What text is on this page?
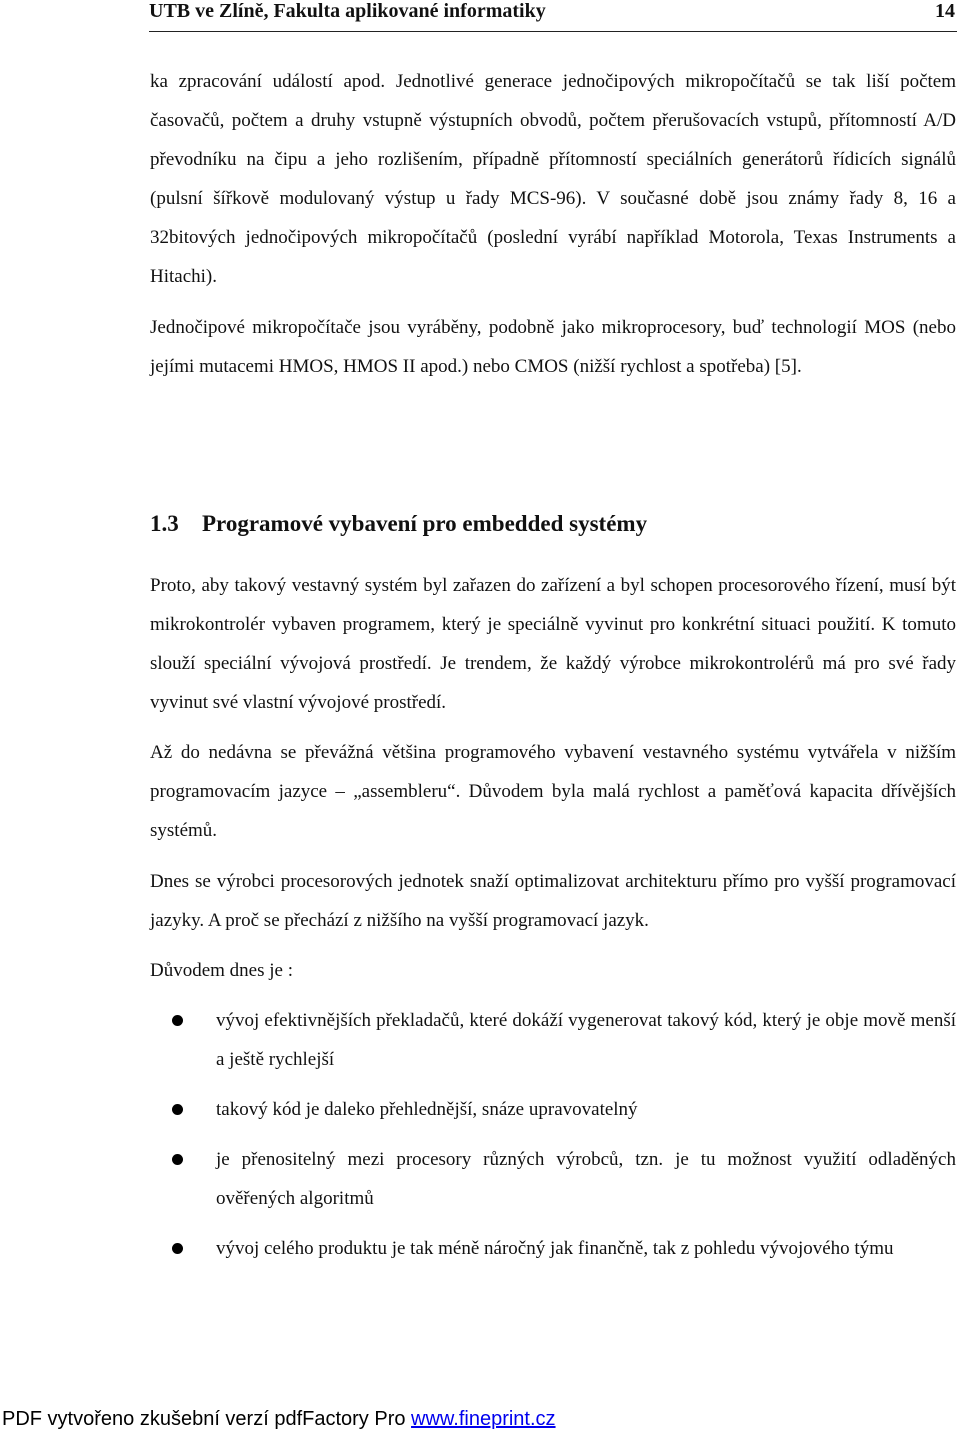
UTB ve Zlíně, Fakulta aplikované informatiky	14
ka zpracování událostí apod. Jednotlivé generace jednočipových mikropočítačů se tak liší počtem časovačů, počtem a druhy vstupně výstupních obvodů, počtem přerušovacích vstupů, přítomností A/D převodníku na čipu a jeho rozlišením, případně přítomností speciálních generátorů řídicích signálů (pulsní šířkově modulovaný výstup u řady MCS-96). V současné době jsou známy řady 8, 16 a 32bitových jednočipových mikropočítačů (poslední vyrábí například Motorola, Texas Instruments a Hitachi).
Jednočipové mikropočítače jsou vyráběny, podobně jako mikroprocesory, buď technologií MOS (nebo jejími mutacemi HMOS, HMOS II apod.) nebo CMOS (nižší rychlost a spotřeba) [5].
1.3 Programové vybavení pro embedded systémy
Proto, aby takový vestavný systém byl zařazen do zařízení a byl schopen procesorového řízení, musí být mikrokontrolér vybaven programem, který je speciálně vyvinut pro konkrétní situaci použití. K tomuto slouží speciální vývojová prostředí. Je trendem, že každý výrobce mikrokontrolérů má pro své řady vyvinut své vlastní vývojové prostředí.
Až do nedávna se převážná většina programového vybavení vestavného systému vytvářela v nižším programovacím jazyce – „assembleru“. Důvodem byla malá rychlost a paměťová kapacita dřívějších systémů.
Dnes se výrobci procesorových jednotek snaží optimalizovat architekturu přímo pro vyšší programovací jazyky. A proč se přechází z nižšího na vyšší programovací jazyk.
Důvodem dnes je :
vývoj efektivnějších překladačů, které dokáží vygenerovat takový kód, který je obje mově menší a ještě rychlejší
takový kód je daleko přehlednější, snáze upravovatelný
je přenositelný mezi procesory různých výrobců, tzn. je tu možnost využití odladěných ověřených algoritmů
vývoj celého produktu je tak méně náročný jak finančně, tak z pohledu vývojového týmu
PDF vytvořeno zkušební verzí pdfFactory Pro www.fineprint.cz
